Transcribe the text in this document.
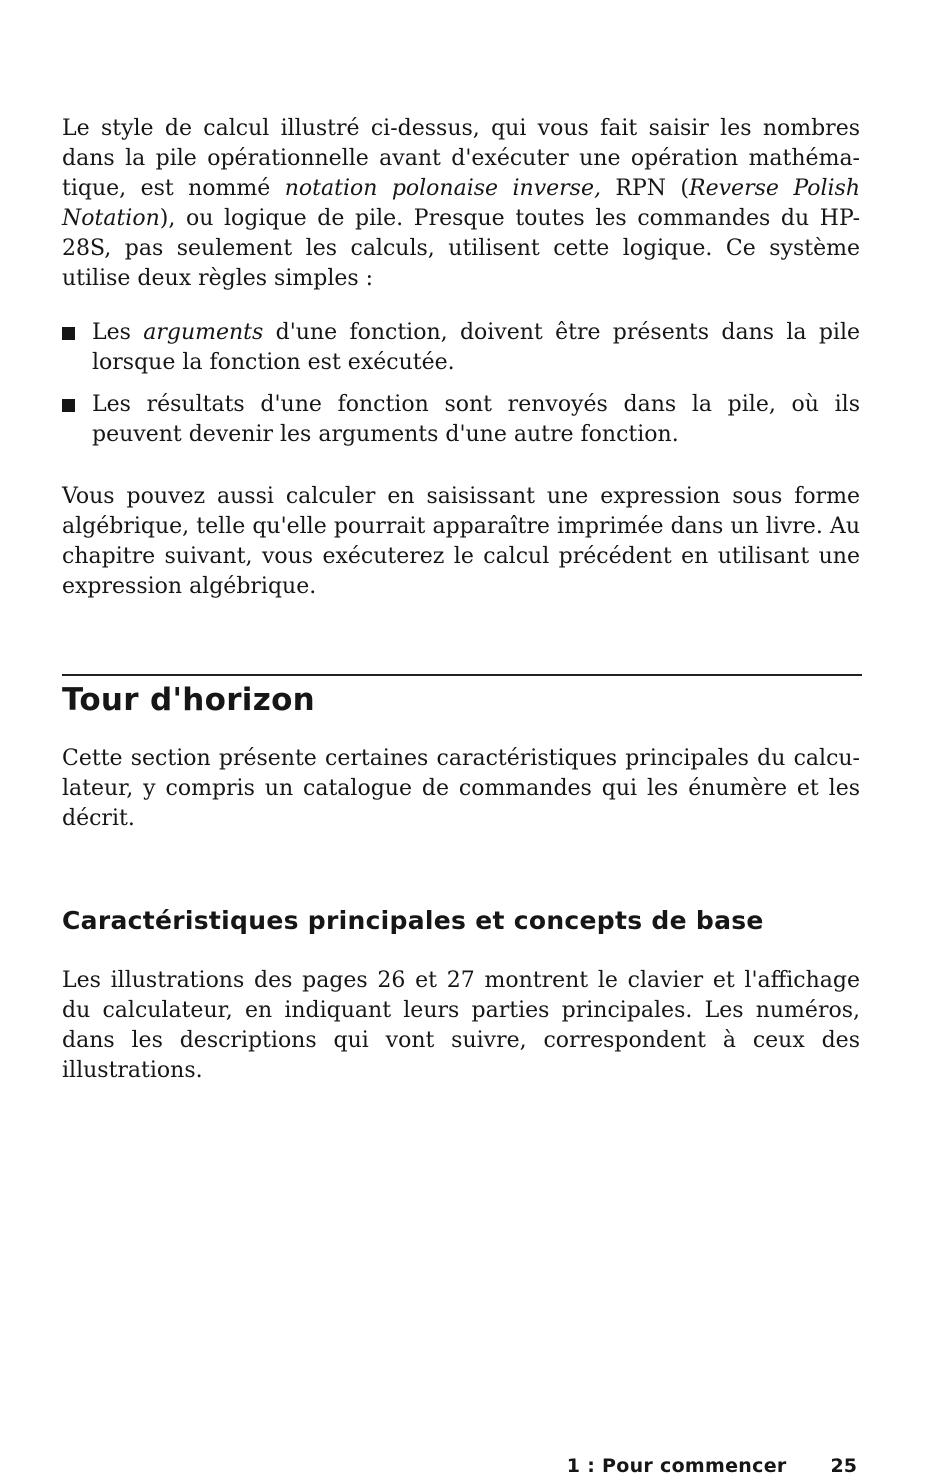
Le style de calcul illustré ci-dessus, qui vous fait saisir les nombres dans la pile opérationnelle avant d'exécuter une opération mathéma-tique, est nommé notation polonaise inverse, RPN (Reverse Polish Notation), ou logique de pile. Presque toutes les commandes du HP-28S, pas seulement les calculs, utilisent cette logique. Ce système utilise deux règles simples :

Les arguments d'une fonction, doivent être présents dans la pile lorsque la fonction est exécutée.
Les résultats d'une fonction sont renvoyés dans la pile, où ils peuvent devenir les arguments d'une autre fonction.

Vous pouvez aussi calculer en saisissant une expression sous forme algébrique, telle qu'elle pourrait apparaître imprimée dans un livre. Au chapitre suivant, vous exécuterez le calcul précédent en utilisant une expression algébrique.

Tour d'horizon

Cette section présente certaines caractéristiques principales du calcu-lateur, y compris un catalogue de commandes qui les énumère et les décrit.

Caractéristiques principales et concepts de base

Les illustrations des pages 26 et 27 montrent le clavier et l'affichage du calculateur, en indiquant leurs parties principales. Les numéros, dans les descriptions qui vont suivre, correspondent à ceux des illustrations.

1 : Pour commencer 25
